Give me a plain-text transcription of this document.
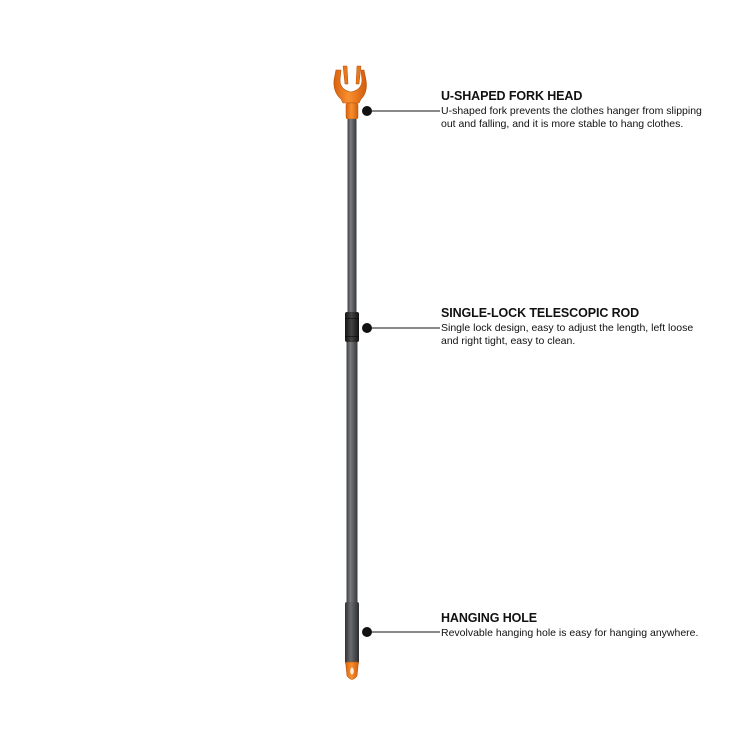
U-SHAPED FORK HEAD

U-shaped fork prevents the clothes hanger from slipping out and falling, and it is more stable to hang clothes.

SINGLE-LOCK TELESCOPIC ROD

Single lock design, easy to adjust the length, left loose and right tight, easy to clean.

HANGING HOLE

Revolvable hanging hole is easy for hanging anywhere.
